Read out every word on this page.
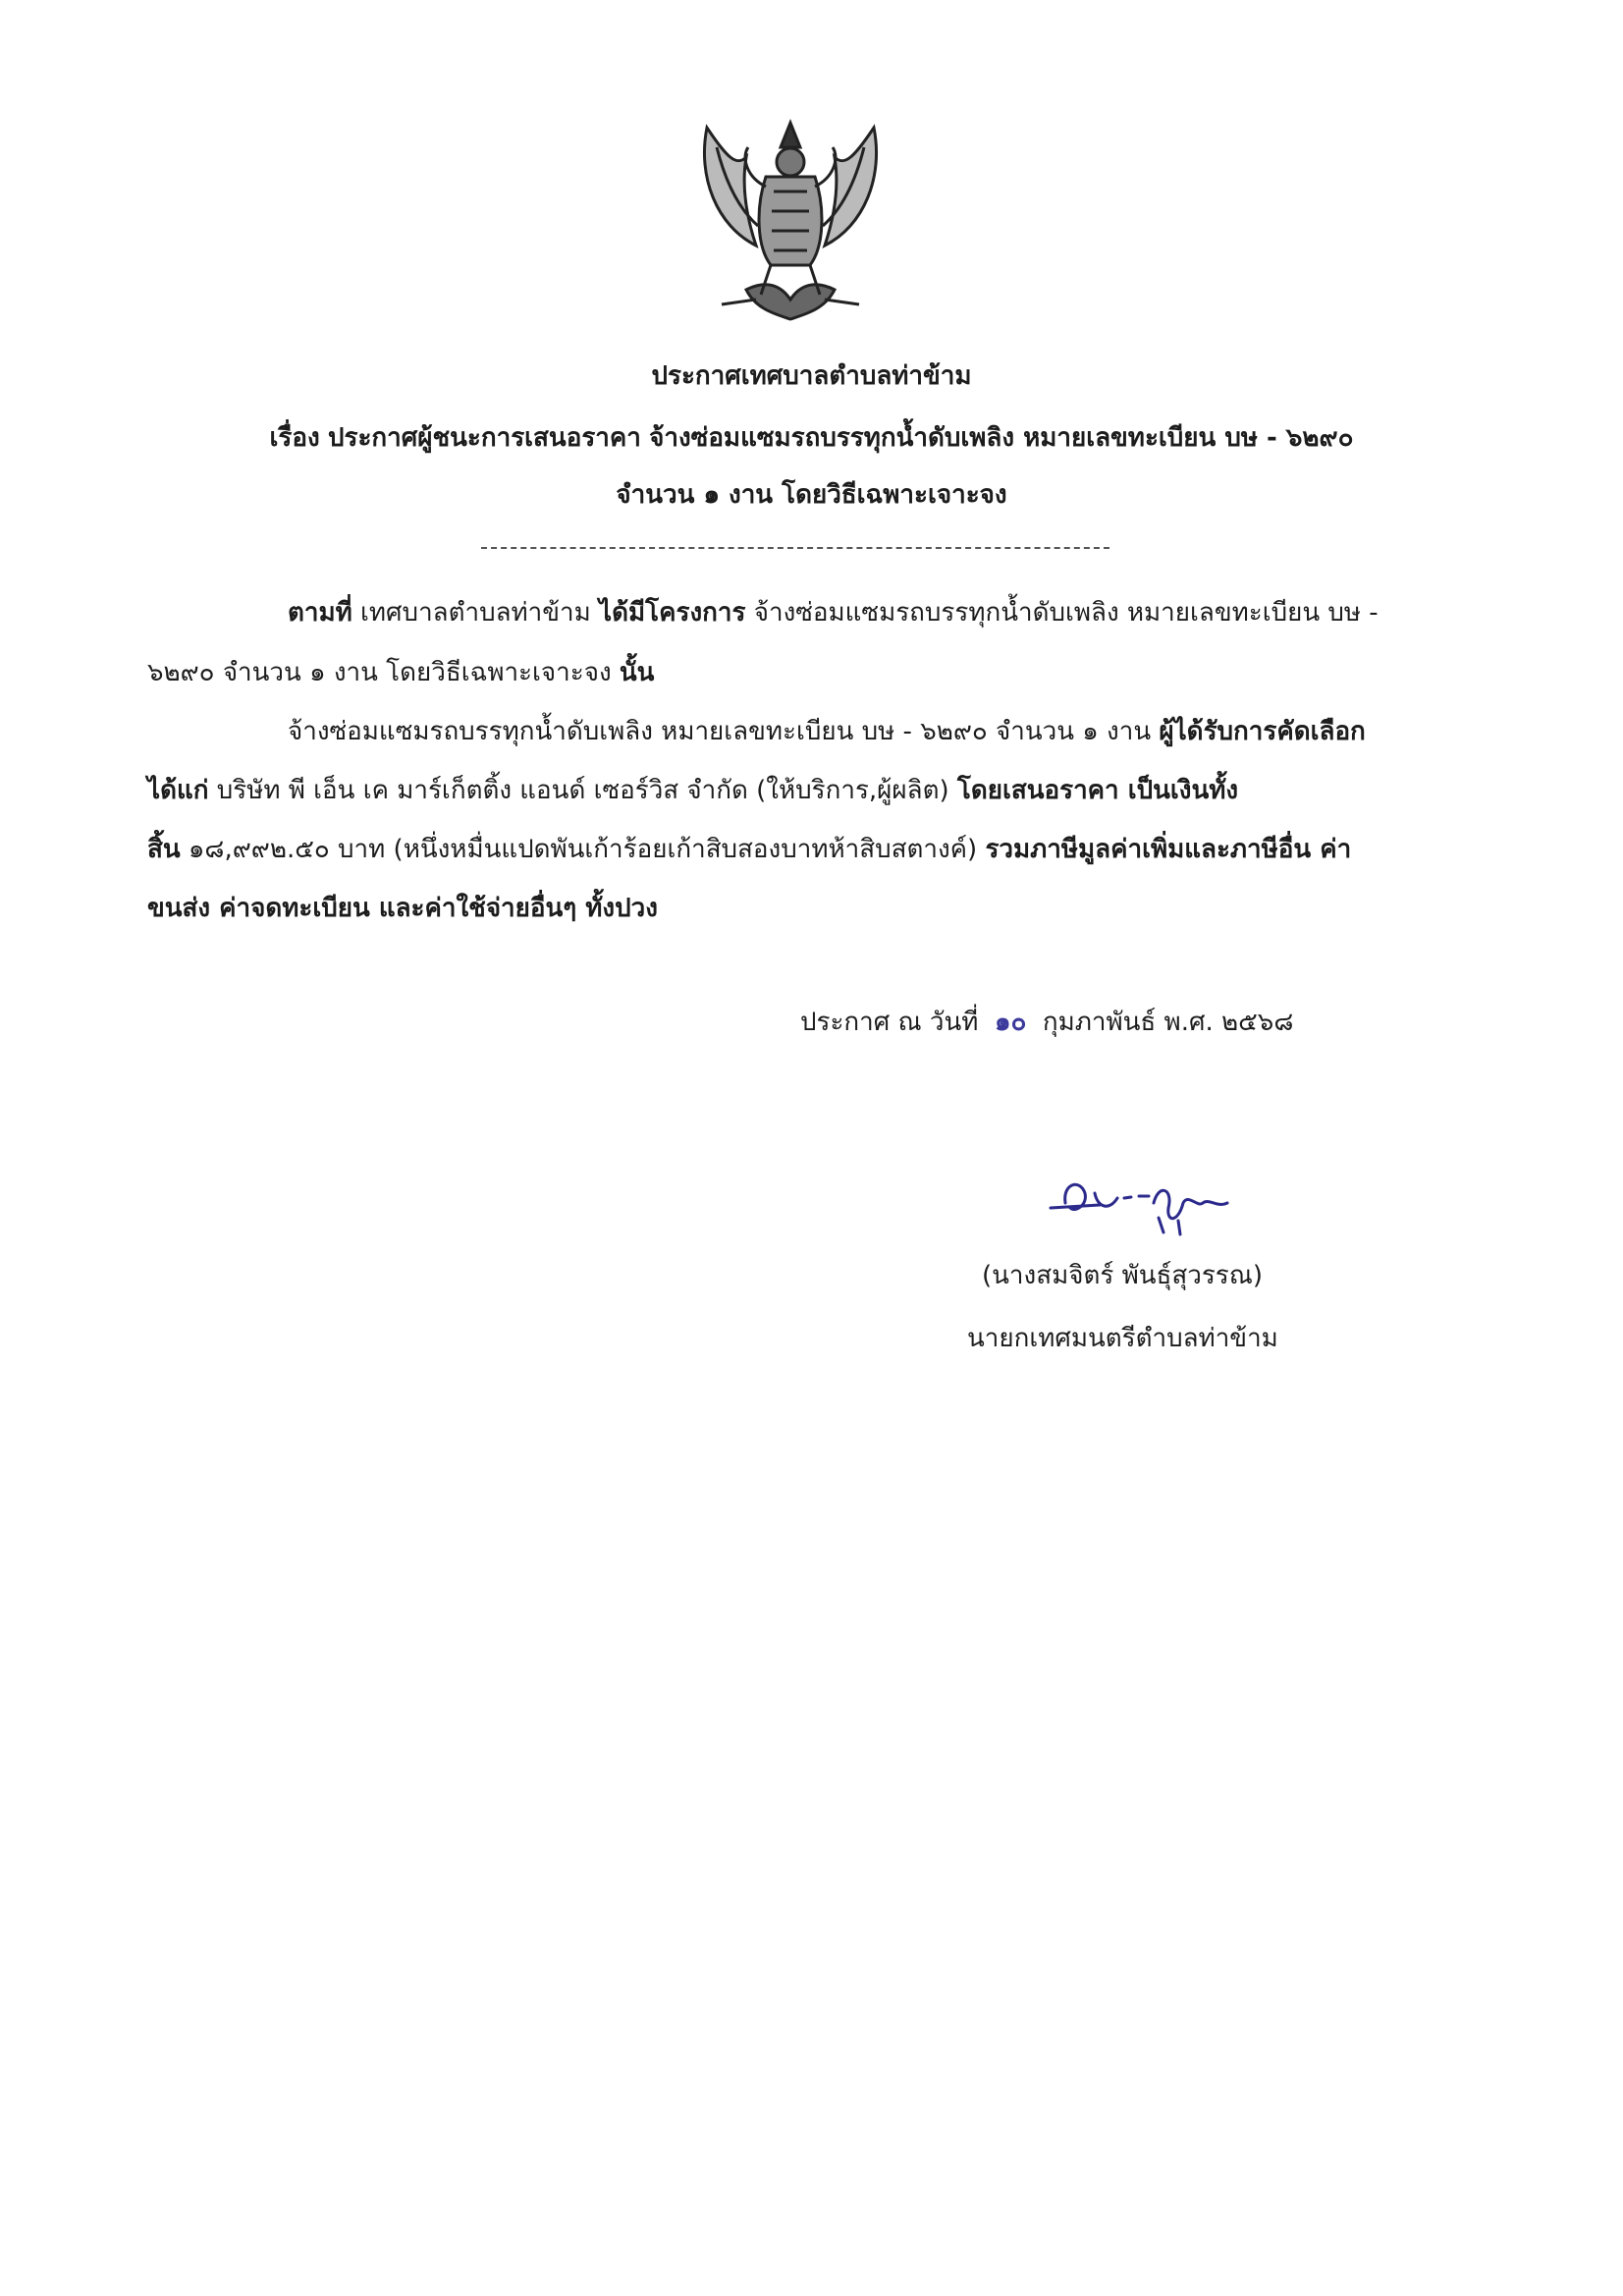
ประกาศเทศบาลตำบลท่าข้าม
เรื่อง ประกาศผู้ชนะการเสนอราคา จ้างซ่อมแซมรถบรรทุกน้ำดับเพลิง หมายเลขทะเบียน บษ - ๖๒๙๐
จำนวน ๑ งาน โดยวิธีเฉพาะเจาะจง
ตามที่ เทศบาลตำบลท่าข้าม ได้มีโครงการ จ้างซ่อมแซมรถบรรทุกน้ำดับเพลิง หมายเลขทะเบียน บษ -
๖๒๙๐ จำนวน ๑ งาน โดยวิธีเฉพาะเจาะจง นั้น
จ้างซ่อมแซมรถบรรทุกน้ำดับเพลิง หมายเลขทะเบียน บษ - ๖๒๙๐ จำนวน ๑ งาน ผู้ได้รับการคัดเลือก
ได้แก่ บริษัท พี เอ็น เค มาร์เก็ตติ้ง แอนด์ เซอร์วิส จำกัด (ให้บริการ,ผู้ผลิต) โดยเสนอราคา เป็นเงินทั้ง
สิ้น ๑๘,๙๙๒.๕๐ บาท (หนึ่งหมื่นแปดพันเก้าร้อยเก้าสิบสองบาทห้าสิบสตางค์) รวมภาษีมูลค่าเพิ่มและภาษีอื่น ค่า
ขนส่ง ค่าจดทะเบียน และค่าใช้จ่ายอื่นๆ ทั้งปวง
ประกาศ ณ วันที่ ๑๐ กุมภาพันธ์ พ.ศ. ๒๕๖๘
(นางสมจิตร์ พันธุ์สุวรรณ)
นายกเทศมนตรีตำบลท่าข้าม
